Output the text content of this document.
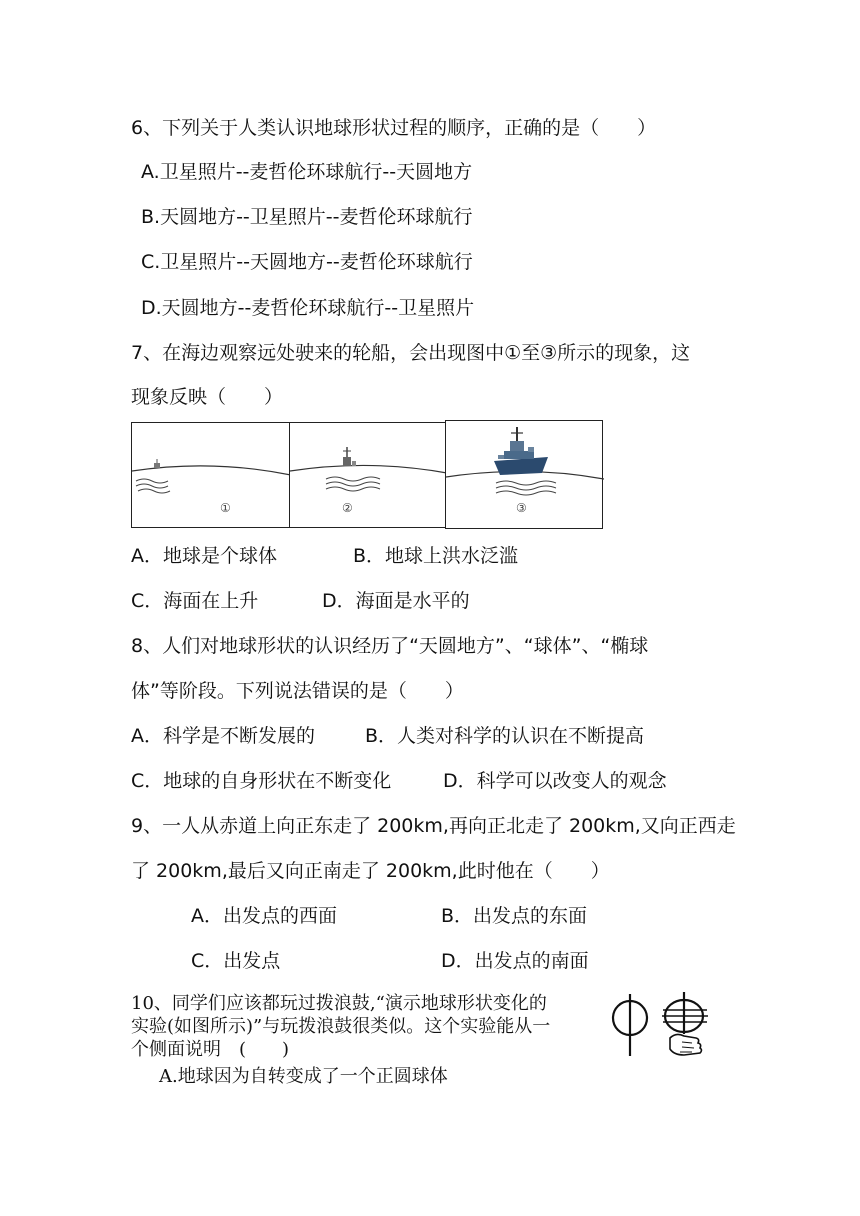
6、下列关于人类认识地球形状过程的顺序，正确的是（　　）
A.卫星照片--麦哲伦环球航行--天圆地方
B.天圆地方--卫星照片--麦哲伦环球航行
C.卫星照片--天圆地方--麦哲伦环球航行
D.天圆地方--麦哲伦环球航行--卫星照片
7、在海边观察远处驶来的轮船，会出现图中①至③所示的现象，这
现象反映（　　）
①	②	③
A．地球是个球体	B．地球上洪水泛滥
C．海面在上升	D．海面是水平的
8、人们对地球形状的认识经历了“天圆地方”、“球体”、“椭球
体”等阶段。下列说法错误的是（　　）
A．科学是不断发展的	B．人类对科学的认识在不断提高
C．地球的自身形状在不断变化	D．科学可以改变人的观念
9、一人从赤道上向正东走了 200km,再向正北走了 200km,又向正西走
了 200km,最后又向正南走了 200km,此时他在（　　）
A．出发点的西面	B．出发点的东面
C．出发点	D．出发点的南面
10、同学们应该都玩过拨浪鼓,“演示地球形状变化的
实验(如图所示)”与玩拨浪鼓很类似。这个实验能从一
个侧面说明　(　　)
A.地球因为自转变成了一个正圆球体
